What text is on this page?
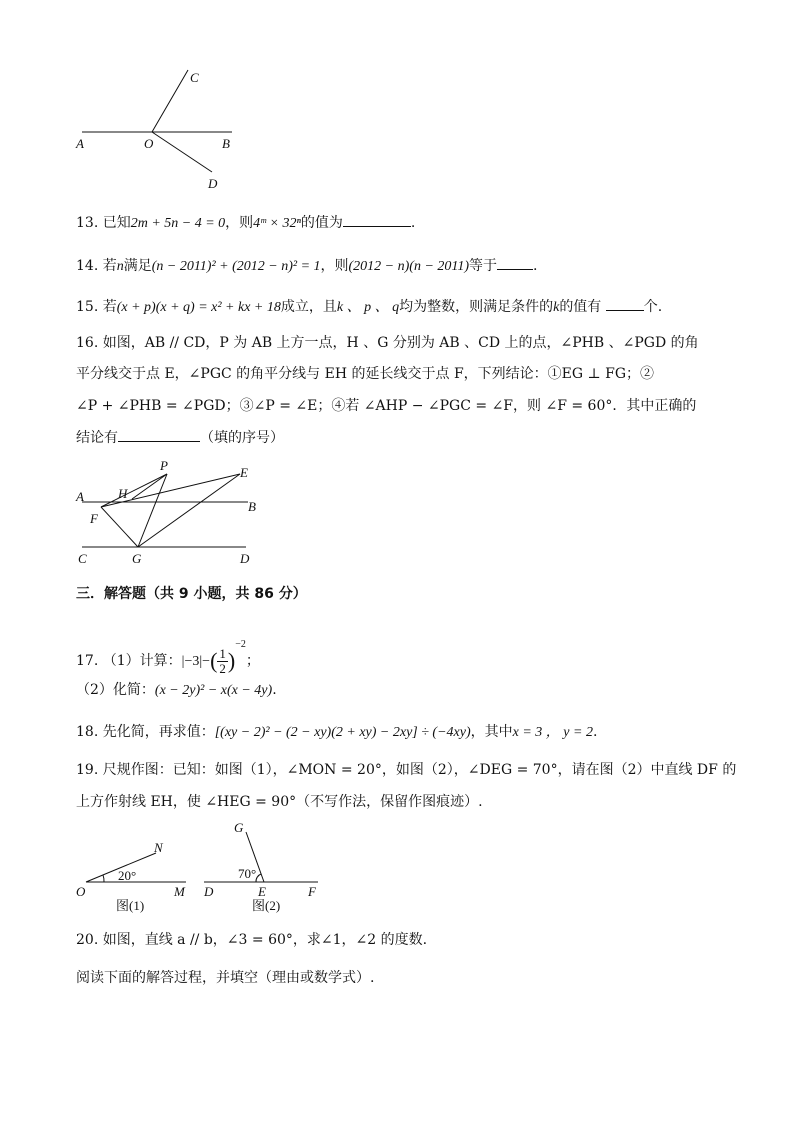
A	O	B
C
D
13. 已知2m + 5n − 4 = 0，则4ᵐ × 32ⁿ的值为	.
14. 若n满足(n − 2011)² + (2012 − n)² = 1，则(2012 − n)(n − 2011)等于	.
15. 若(x + p)(x + q) = x² + kx + 18成立，且k 、 p 、 q均为整数，则满足条件的k的值有	个.
16. 如图，AB // CD，P 为 AB 上方一点，H 、G 分别为 AB 、CD 上的点，∠PHB 、∠PGD 的角
平分线交于点 E，∠PGC 的角平分线与 EH 的延长线交于点 F，下列结论：①EG ⊥ FG；②
∠P + ∠PHB = ∠PGD；③∠P = ∠E；④若 ∠AHP − ∠PGC = ∠F，则 ∠F = 60°．其中正确的
结论有	（填的序号）
A
B
C	D
E
F
G
H
P
三．解答题（共 9 小题，共 86 分）
17. （1）计算：$|-3|-( \frac{1}{2} )^{-2}$；
（2）化简：(x − 2y)² − x(x − 4y).
18. 先化简，再求值：[(xy − 2)² − (2 − xy)(2 + xy) − 2xy] ÷ (−4xy)，其中x = 3 ， y = 2.
19. 尺规作图：已知：如图（1），∠MON = 20°，如图（2），∠DEG = 70°，请在图（2）中直线 DF 的
上方作射线 EH，使 ∠HEG = 90°（不写作法，保留作图痕迹）.
O	M
N
20°
图(1)
G
D	E	F
70°
图(2)
20. 如图，直线 a // b，∠3 = 60°，求∠1，∠2 的度数.
阅读下面的解答过程，并填空（理由或数学式）.
